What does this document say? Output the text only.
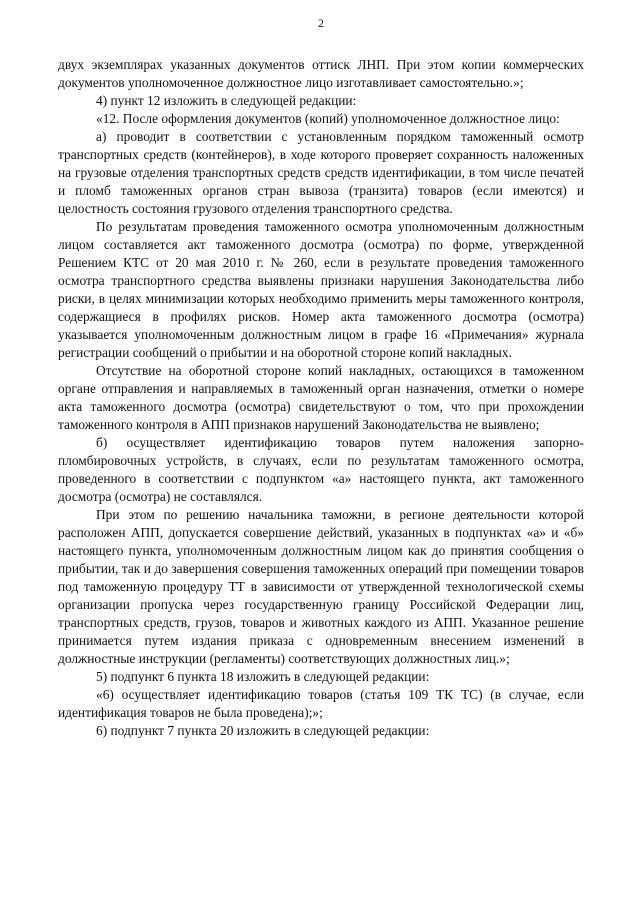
2

двух экземплярах указанных документов оттиск ЛНП. При этом копии коммерческих документов уполномоченное должностное лицо изготавливает самостоятельно.»;

4) пункт 12 изложить в следующей редакции:

«12. После оформления документов (копий) уполномоченное должностное лицо:

а) проводит в соответствии с установленным порядком таможенный осмотр транспортных средств (контейнеров), в ходе которого проверяет сохранность наложенных на грузовые отделения транспортных средств средств идентификации, в том числе печатей и пломб таможенных органов стран вывоза (транзита) товаров (если имеются) и целостность состояния грузового отделения транспортного средства.

По результатам проведения таможенного осмотра уполномоченным должностным лицом составляется акт таможенного досмотра (осмотра) по форме, утвержденной Решением КТС от 20 мая 2010 г. № 260, если в результате проведения таможенного осмотра транспортного средства выявлены признаки нарушения Законодательства либо риски, в целях минимизации которых необходимо применить меры таможенного контроля, содержащиеся в профилях рисков. Номер акта таможенного досмотра (осмотра) указывается уполномоченным должностным лицом в графе 16 «Примечания» журнала регистрации сообщений о прибытии и на оборотной стороне копий накладных.

Отсутствие на оборотной стороне копий накладных, остающихся в таможенном органе отправления и направляемых в таможенный орган назначения, отметки о номере акта таможенного досмотра (осмотра) свидетельствуют о том, что при прохождении таможенного контроля в АПП признаков нарушений Законодательства не выявлено;

б) осуществляет идентификацию товаров путем наложения запорно-пломбировочных устройств, в случаях, если по результатам таможенного осмотра, проведенного в соответствии с подпунктом «а» настоящего пункта, акт таможенного досмотра (осмотра) не составлялся.

При этом по решению начальника таможни, в регионе деятельности которой расположен АПП, допускается совершение действий, указанных в подпунктах «а» и «б» настоящего пункта, уполномоченным должностным лицом как до принятия сообщения о прибытии, так и до завершения совершения таможенных операций при помещении товаров под таможенную процедуру ТТ в зависимости от утвержденной технологической схемы организации пропуска через государственную границу Российской Федерации лиц, транспортных средств, грузов, товаров и животных каждого из АПП. Указанное решение принимается путем издания приказа с одновременным внесением изменений в должностные инструкции (регламенты) соответствующих должностных лиц.»;

5) подпункт 6 пункта 18 изложить в следующей редакции:

«6) осуществляет идентификацию товаров (статья 109 ТК ТС) (в случае, если идентификация товаров не была проведена);»;

6) подпункт 7 пункта 20 изложить в следующей редакции:
